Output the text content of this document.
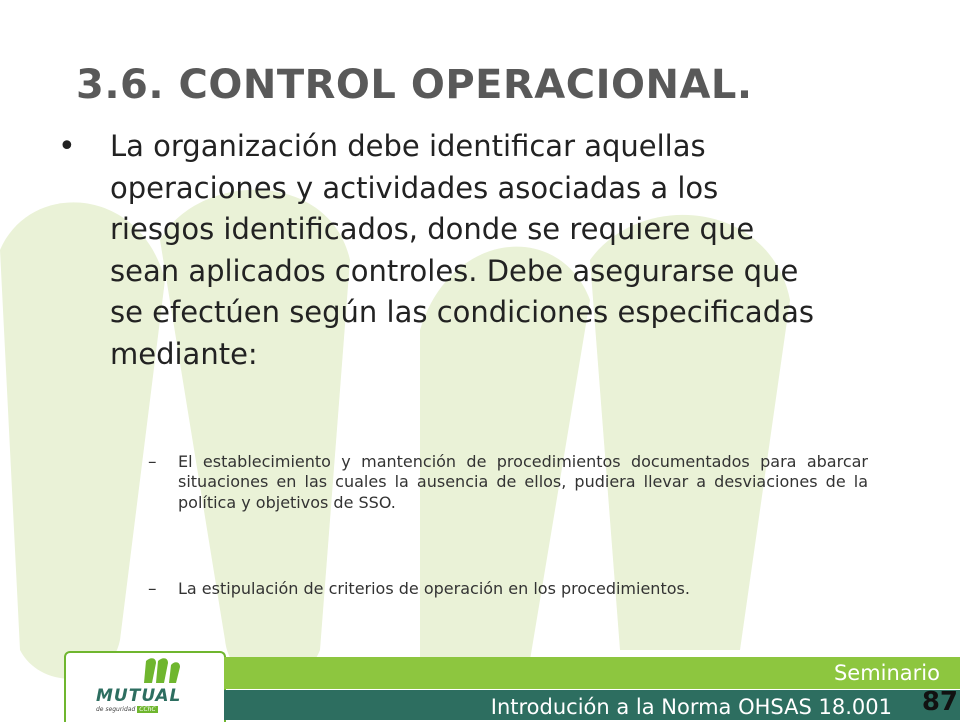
3.6. CONTROL OPERACIONAL.
•	La organización debe identificar aquellas operaciones y actividades asociadas a los riesgos identificados, donde se requiere que sean aplicados controles. Debe asegurarse que se efectúen según las condiciones especificadas mediante:
–	El establecimiento y mantención de procedimientos documentados para abarcar situaciones en las cuales la ausencia de ellos, pudiera llevar a desviaciones de la política y objetivos de SSO.
–	La estipulación de criterios de operación en los procedimientos.
MUTUAL
de seguridad CChC
Seminario
Introdución a la Norma OHSAS 18.001 87
